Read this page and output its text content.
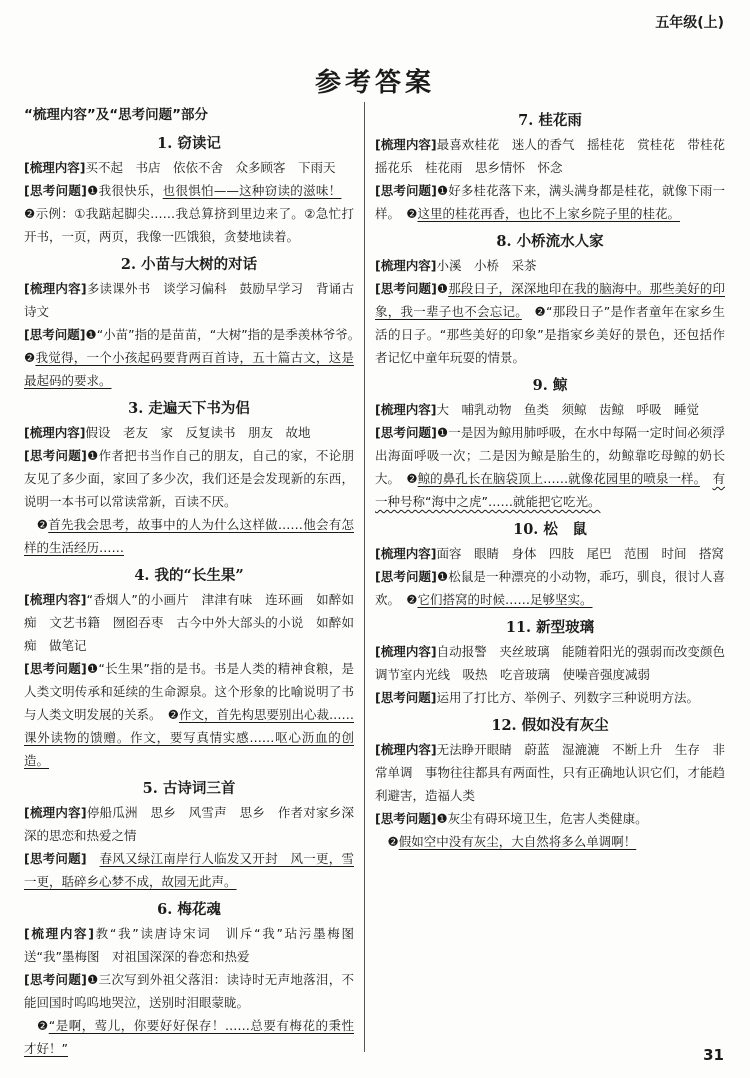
五年级(上)
参考答案
“梳理内容”及“思考问题”部分
1. 窃读记

[梳理内容]买不起　书店　依依不舍　众多顾客　下雨天

[思考问题]❶我很快乐，也很惧怕——这种窃读的滋味！　❷示例：①我踮起脚尖……我总算挤到里边来了。②急忙打开书，一页，两页，我像一匹饿狼，贪婪地读着。

2. 小苗与大树的对话

[梳理内容]多读课外书　谈学习偏科　鼓励早学习　背诵古诗文

[思考问题]❶“小苗”指的是苗苗，“大树”指的是季羡林爷爷。　❷我觉得，一个小孩起码要背两百首诗，五十篇古文，这是最起码的要求。

3. 走遍天下书为侣

[梳理内容]假设　老友　家　反复读书　朋友　故地

[思考问题]❶作者把书当作自己的朋友，自己的家，不论朋友见了多少面，家回了多少次，我们还是会发现新的东西，说明一本书可以常读常新，百读不厌。

　❷首先我会思考，故事中的人为什么这样做……他会有怎样的生活经历……

4. 我的“长生果”

[梳理内容]“香烟人”的小画片　津津有味　连环画　如醉如痴　文艺书籍　囫囵吞枣　古今中外大部头的小说　如醉如痴　做笔记

[思考问题]❶“长生果”指的是书。书是人类的精神食粮，是人类文明传承和延续的生命源泉。这个形象的比喻说明了书与人类文明发展的关系。　❷作文，首先构思要别出心裁……课外读物的馈赠。作文，要写真情实感……呕心沥血的创造。

5. 古诗词三首

[梳理内容]停船瓜洲　思乡　风雪声　思乡　作者对家乡深深的思恋和热爱之情

[思考问题]　 春风又绿江南岸行人临发又开封　风一更，雪一更，聒碎乡心梦不成，故园无此声。

6. 梅花魂

[梳理内容]教“我”读唐诗宋词　训斥“我”玷污墨梅图　送“我”墨梅图　对祖国深深的眷恋和热爱

[思考问题]❶三次写到外祖父落泪：读诗时无声地落泪，不能回国时呜呜地哭泣，送别时泪眼蒙眬。

　❷“是啊，莺儿，你要好好保存！……总要有梅花的秉性才好！”

7. 桂花雨

[梳理内容]最喜欢桂花　迷人的香气　摇桂花　赏桂花　带桂花　摇花乐　桂花雨　思乡情怀　怀念

[思考问题]❶好多桂花落下来，满头满身都是桂花，就像下雨一样。　❷这里的桂花再香，也比不上家乡院子里的桂花。

8. 小桥流水人家

[梳理内容]小溪　小桥　采茶

[思考问题]❶那段日子，深深地印在我的脑海中。那些美好的印象，我一辈子也不会忘记。　❷“那段日子”是作者童年在家乡生活的日子。“那些美好的印象”是指家乡美好的景色，还包括作者记忆中童年玩耍的情景。

9. 鲸

[梳理内容]大　哺乳动物　鱼类　须鲸　齿鲸　呼吸　睡觉

[思考问题]❶一是因为鲸用肺呼吸，在水中每隔一定时间必须浮出海面呼吸一次；二是因为鲸是胎生的，幼鲸靠吃母鲸的奶长大。　❷鲸的鼻孔长在脑袋顶上……就像花园里的喷泉一样。　 有一种号称“海中之虎”……就能把它吃光。

10. 松　鼠

[梳理内容]面容　眼睛　身体　四肢　尾巴　范围　时间　搭窝

[思考问题]❶松鼠是一种漂亮的小动物，乖巧，驯良，很讨人喜欢。　❷它们搭窝的时候……足够坚实。

11. 新型玻璃

[梳理内容]自动报警　夹丝玻璃　能随着阳光的强弱而改变颜色　调节室内光线　吸热　吃音玻璃　使噪音强度减弱

[思考问题]运用了打比方、举例子、列数字三种说明方法。

12. 假如没有灰尘

[梳理内容]无法睁开眼睛　蔚蓝　湿漉漉　不断上升　生存　非常单调　事物往往都具有两面性，只有正确地认识它们，才能趋利避害，造福人类

[思考问题]❶灰尘有碍环境卫生，危害人类健康。

　❷假如空中没有灰尘，大自然将多么单调啊！

31
